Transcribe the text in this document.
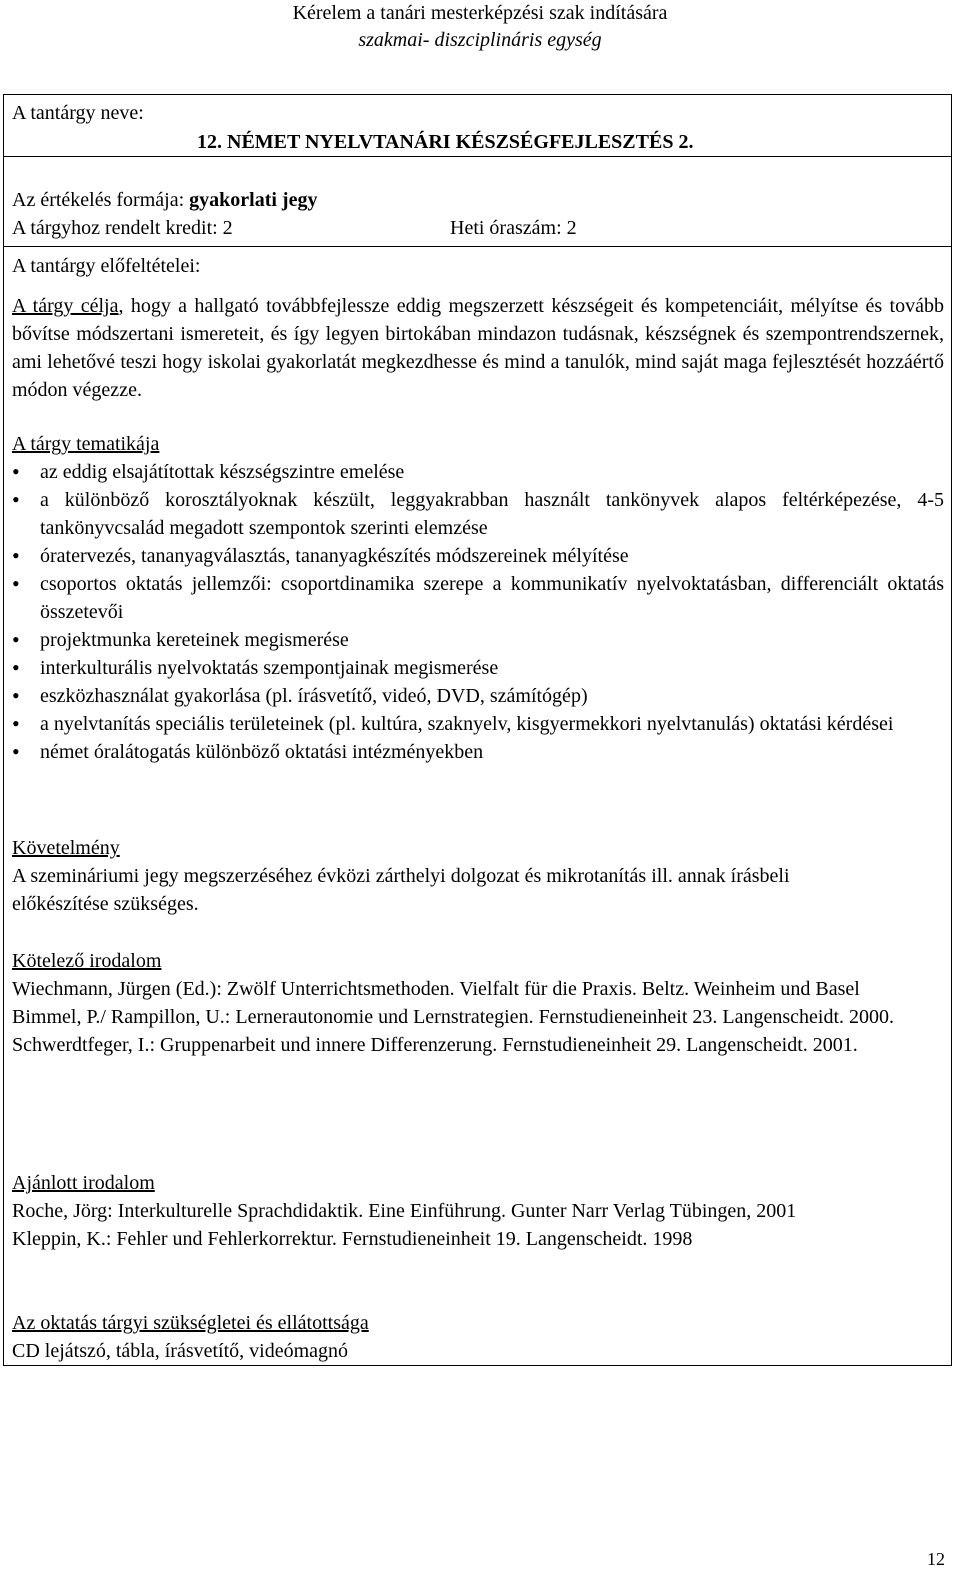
Kérelem a tanári mesterképzési szak indítására
szakmai- diszciplináris egység
A tantárgy neve:
12. NÉMET NYELVTANÁRI KÉSZSÉGFEJLESZTÉS 2.
Az értékelés formája: gyakorlati jegy
A tárgyhoz rendelt kredit: 2	Heti óraszám: 2
A tantárgy előfeltételei:
A tárgy célja, hogy a hallgató továbbfejlessze eddig megszerzett készségeit és kompetenciáit, mélyítse és tovább bővítse módszertani ismereteit, és így legyen birtokában mindazon tudásnak, készségnek és szempontrendszernek, ami lehetővé teszi hogy iskolai gyakorlatát megkezdhesse és mind a tanulók, mind saját maga fejlesztését hozzáértő módon végezze.
A tárgy tematikája
• az eddig elsajátítottak készségszintre emelése
• a különböző korosztályoknak készült, leggyakrabban használt tankönyvek alapos feltérképezése, 4-5 tankönyvcsalád megadott szempontok szerinti elemzése
• óratervezés, tananyagválasztás, tananyagkészítés módszereinek mélyítése
• csoportos oktatás jellemzői: csoportdinamika szerepe a kommunikatív nyelvoktatásban, differenciált oktatás összetevői
• projektmunka kereteinek megismerése
• interkulturális nyelvoktatás szempontjainak megismerése
• eszközhasználat gyakorlása (pl. írásvetítő, videó, DVD, számítógép)
• a nyelvtanítás speciális területeinek (pl. kultúra, szaknyelv, kisgyermekkori nyelvtanulás) oktatási kérdései
• német óralátogatás különböző oktatási intézményekben
Követelmény
A szemináriumi jegy megszerzéséhez évközi zárthelyi dolgozat és mikrotanítás ill. annak írásbeli előkészítése szükséges.
Kötelező irodalom
Wiechmann, Jürgen (Ed.): Zwölf Unterrichtsmethoden. Vielfalt für die Praxis. Beltz. Weinheim und Basel
Bimmel, P./ Rampillon, U.: Lernerautonomie und Lernstrategien. Fernstudieneinheit 23. Langenscheidt. 2000.
Schwerdtfeger, I.: Gruppenarbeit und innere Differenzerung. Fernstudieneinheit 29. Langenscheidt. 2001.
Ajánlott irodalom
Roche, Jörg: Interkulturelle Sprachdidaktik. Eine Einführung. Gunter Narr Verlag Tübingen, 2001
Kleppin, K.: Fehler und Fehlerkorrektur. Fernstudieneinheit 19. Langenscheidt. 1998
Az oktatás tárgyi szükségletei és ellátottsága
CD lejátszó, tábla, írásvetítő, videómagnó
12
